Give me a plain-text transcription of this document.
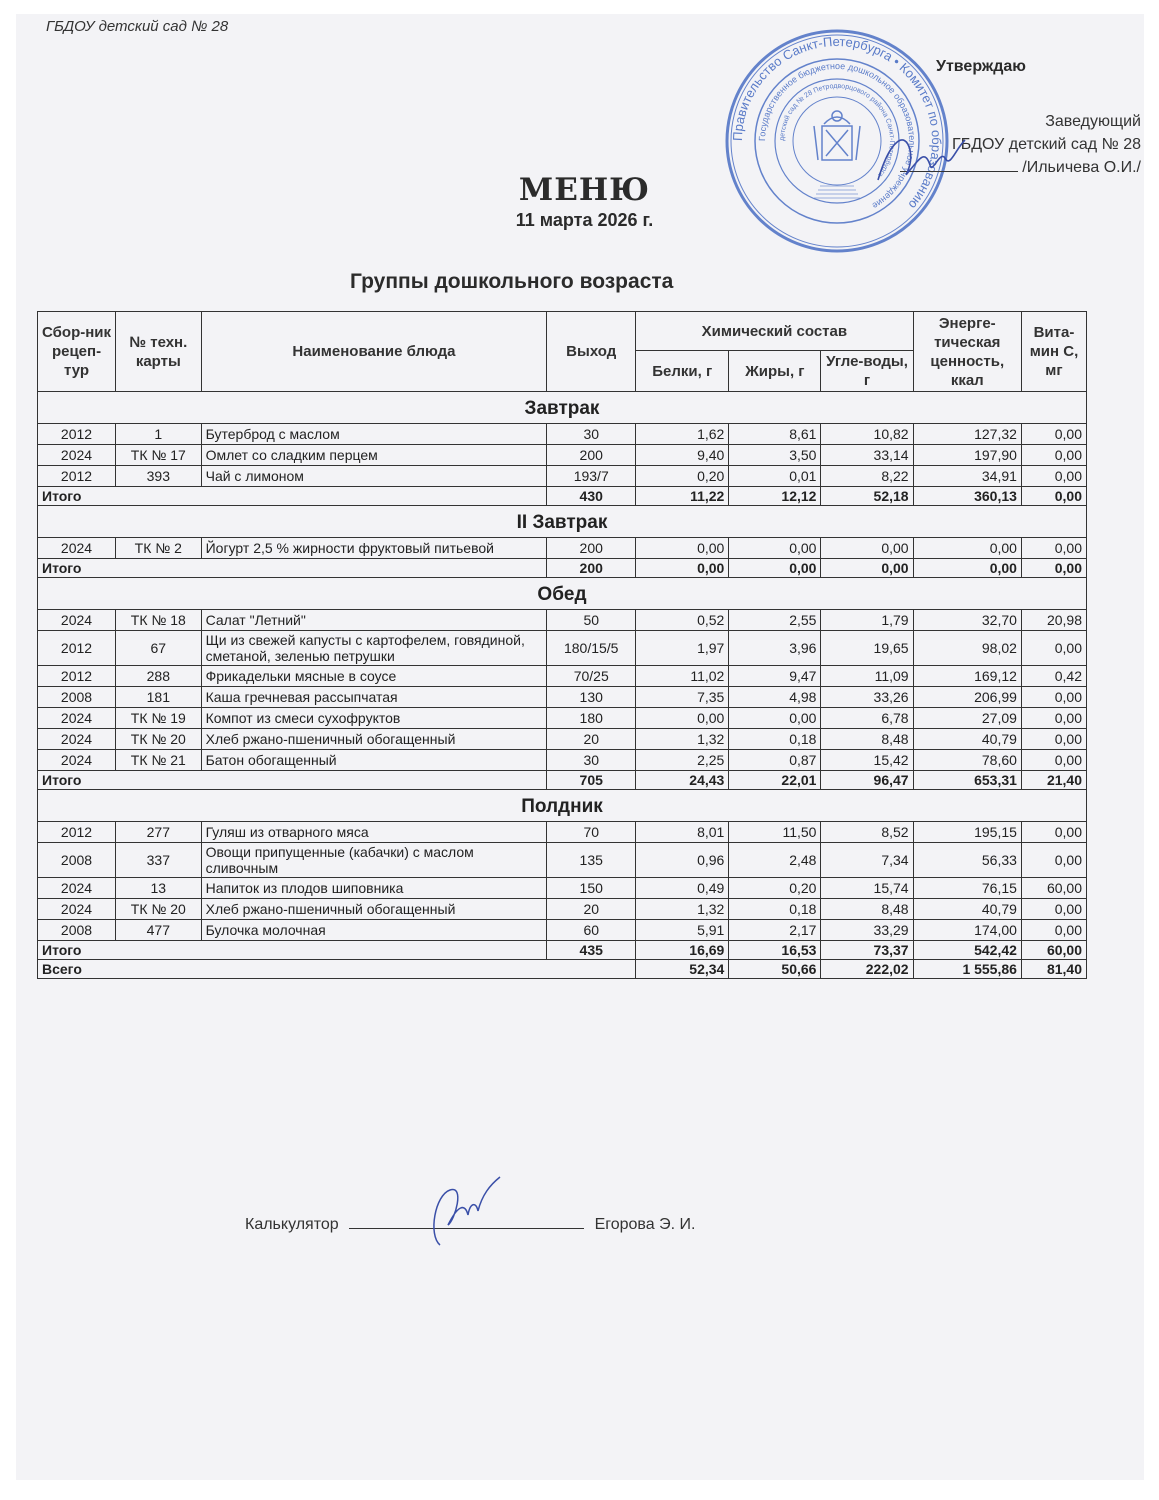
ГБДОУ детский сад № 28
Правительство Санкт-Петербурга • Комитет по образованию
Государственное бюджетное дошкольное образовательное учреждение
детский сад № 28 Петродворцового района Санкт-Петербурга
Утверждаю
Заведующий
ГБДОУ детский сад № 28
/Ильичева О.И./
МЕНЮ
11 марта 2026 г.
Группы дошкольного возраста
Сбор-ник рецеп-тур	№ техн. карты	Наименование блюда	Выход	Химический состав			Энерге-тическая ценность, ккал	Вита-мин С, мг
				Белки, г	Жиры, г	Угле-воды, г		
Завтрак								
2012	1	Бутерброд с маслом	30	1,62	8,61	10,82	127,32	0,00
2024	ТК № 17	Омлет со сладким перцем	200	9,40	3,50	33,14	197,90	0,00
2012	393	Чай с лимоном	193/7	0,20	0,01	8,22	34,91	0,00
Итого			430	11,22	12,12	52,18	360,13	0,00
II Завтрак								
2024	ТК № 2	Йогурт 2,5 % жирности фруктовый питьевой	200	0,00	0,00	0,00	0,00	0,00
Итого			200	0,00	0,00	0,00	0,00	0,00
Обед								
2024	ТК № 18	Салат "Летний"	50	0,52	2,55	1,79	32,70	20,98
2012	67	Щи из свежей капусты с картофелем, говядиной, сметаной, зеленью петрушки	180/15/5	1,97	3,96	19,65	98,02	0,00
2012	288	Фрикадельки мясные в соусе	70/25	11,02	9,47	11,09	169,12	0,42
2008	181	Каша гречневая рассыпчатая	130	7,35	4,98	33,26	206,99	0,00
2024	ТК № 19	Компот из смеси сухофруктов	180	0,00	0,00	6,78	27,09	0,00
2024	ТК № 20	Хлеб ржано-пшеничный обогащенный	20	1,32	0,18	8,48	40,79	0,00
2024	ТК № 21	Батон обогащенный	30	2,25	0,87	15,42	78,60	0,00
Итого			705	24,43	22,01	96,47	653,31	21,40
Полдник								
2012	277	Гуляш из отварного мяса	70	8,01	11,50	8,52	195,15	0,00
2008	337	Овощи припущенные (кабачки) с маслом сливочным	135	0,96	2,48	7,34	56,33	0,00
2024	13	Напиток из плодов шиповника	150	0,49	0,20	15,74	76,15	60,00
2024	ТК № 20	Хлеб ржано-пшеничный обогащенный	20	1,32	0,18	8,48	40,79	0,00
2008	477	Булочка молочная	60	5,91	2,17	33,29	174,00	0,00
Итого			435	16,69	16,53	73,37	542,42	60,00
Всего				52,34	50,66	222,02	1 555,86	81,40
Калькулятор	Егорова Э. И.
